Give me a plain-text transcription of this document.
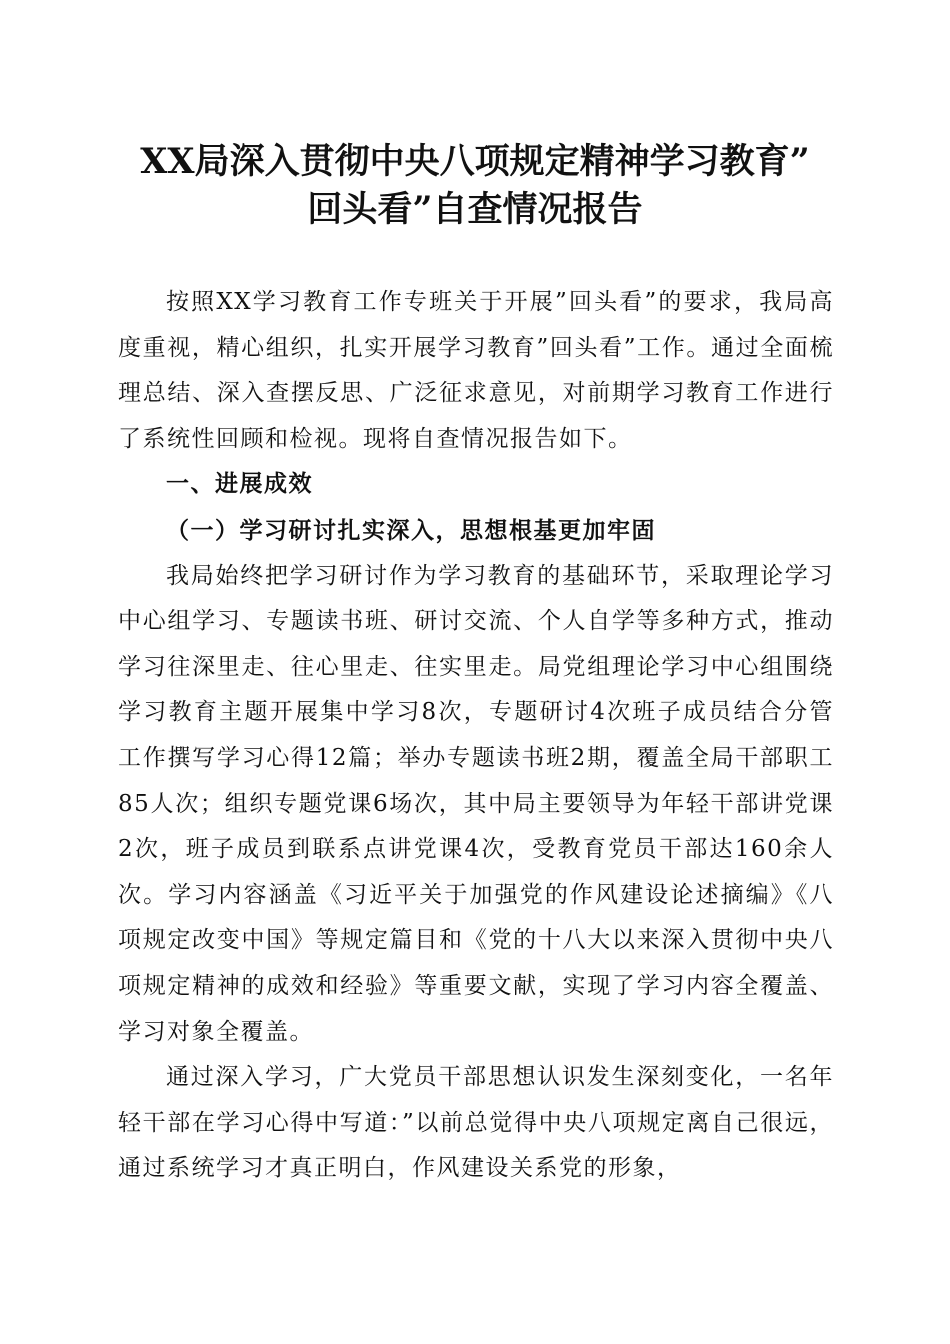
XX局深入贯彻中央八项规定精神学习教育”
回头看”自查情况报告

按照XX学习教育工作专班关于开展”回头看”的要求，我局高度重视，精心组织，扎实开展学习教育”回头看”工作。通过全面梳理总结、深入查摆反思、广泛征求意见，对前期学习教育工作进行了系统性回顾和检视。现将自查情况报告如下。

一、进展成效

（一）学习研讨扎实深入，思想根基更加牢固

我局始终把学习研讨作为学习教育的基础环节，采取理论学习中心组学习、专题读书班、研讨交流、个人自学等多种方式，推动学习往深里走、往心里走、往实里走。局党组理论学习中心组围绕学习教育主题开展集中学习8次，专题研讨4次班子成员结合分管工作撰写学习心得12篇；举办专题读书班2期，覆盖全局干部职工85人次；组织专题党课6场次，其中局主要领导为年轻干部讲党课2次，班子成员到联系点讲党课4次，受教育党员干部达160余人次。学习内容涵盖《习近平关于加强党的作风建设论述摘编》《八项规定改变中国》等规定篇目和《党的十八大以来深入贯彻中央八项规定精神的成效和经验》等重要文献，实现了学习内容全覆盖、学习对象全覆盖。

通过深入学习，广大党员干部思想认识发生深刻变化，一名年轻干部在学习心得中写道：”以前总觉得中央八项规定离自己很远，通过系统学习才真正明白，作风建设关系党的形象，
